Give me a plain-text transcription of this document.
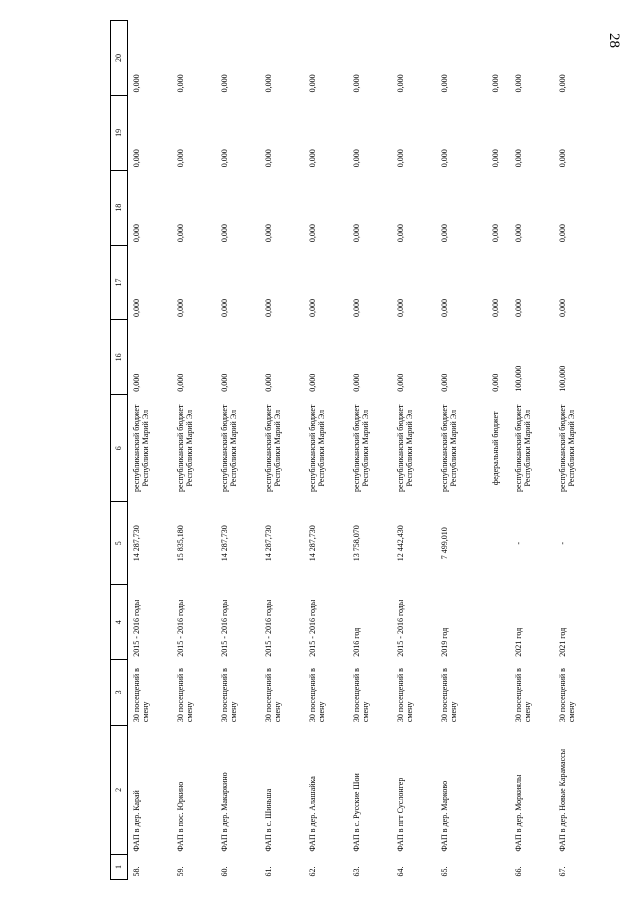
28
1	2	3	4	5	6	16	17	18	19	20
58.	ФАП в дер. Карай	30 посещений в смену	2015 - 2016 годы	14 287,730	республиканский бюджет Республики Марий Эл	0,000	0,000	0,000	0,000	0,000
59.	ФАП в пос. Юркино	30 посещений в смену	2015 - 2016 годы	15 835,180	республиканский бюджет Республики Марий Эл	0,000	0,000	0,000	0,000	0,000
60.	ФАП в дер. Макаркино	30 посещений в смену	2015 - 2016 годы	14 287,730	республиканский бюджет Республики Марий Эл	0,000	0,000	0,000	0,000	0,000
61.	ФАП в с. Шиньша	30 посещений в смену	2015 - 2016 годы	14 287,730	республиканский бюджет Республики Марий Эл	0,000	0,000	0,000	0,000	0,000
62.	ФАП в дер. Алашайка	30 посещений в смену	2015 - 2016 годы	14 287,730	республиканский бюджет Республики Марий Эл	0,000	0,000	0,000	0,000	0,000
63.	ФАП в с. Русские Шои	30 посещений в смену	2016 год	13 758,070	республиканский бюджет Республики Марий Эл	0,000	0,000	0,000	0,000	0,000
64.	ФАП в пгт Суслонгер	30 посещений в смену	2015 - 2016 годы	12 442,430	республиканский бюджет Республики Марий Эл	0,000	0,000	0,000	0,000	0,000
65.	ФАП в дер. Марково	30 посещений в смену	2019 год	7 499,010	республиканский бюджет Республики Марий Эл	0,000	0,000	0,000	0,000	0,000
					федеральный бюджет	0,000	0,000	0,000	0,000	0,000
66.	ФАП в дер. Моркиялы	30 посещений в смену	2021 год	-	республиканский бюджет Республики Марий Эл	100,000	0,000	0,000	0,000	0,000
67.	ФАП в дер. Новые Карамассы	30 посещений в смену	2021 год	-	республиканский бюджет Республики Марий Эл	100,000	0,000	0,000	0,000	0,000
